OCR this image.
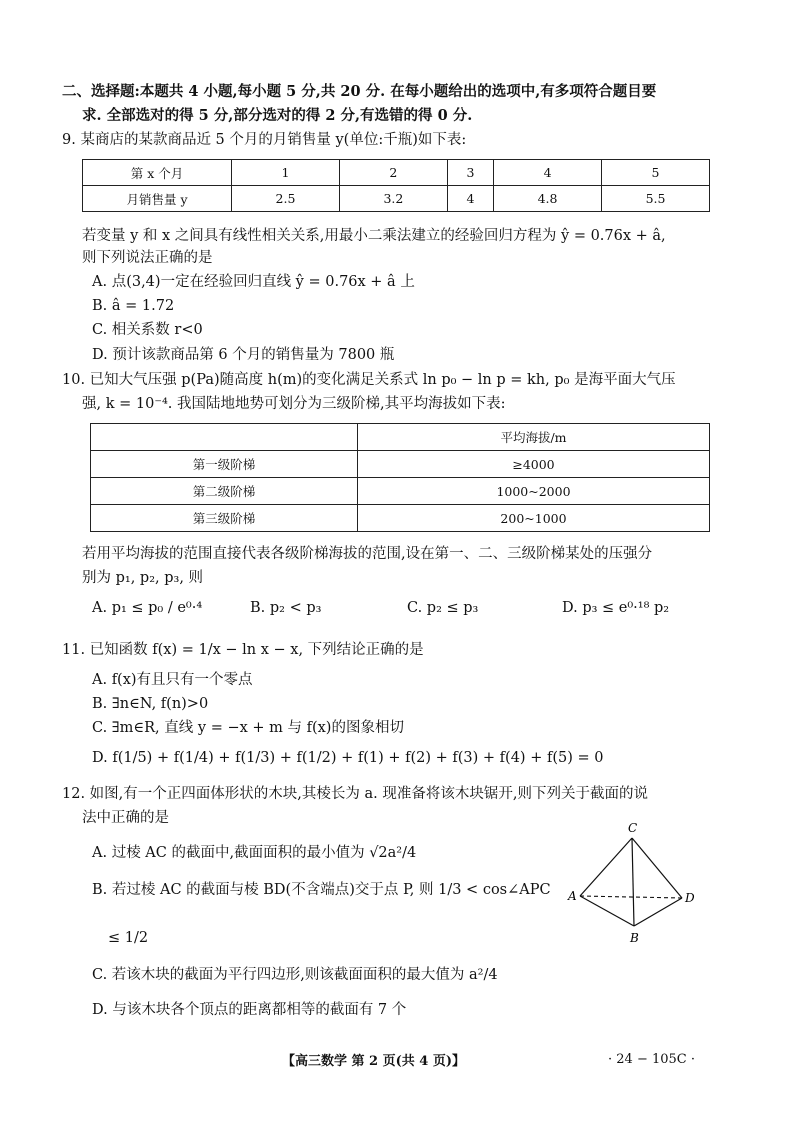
二、选择题:本题共 4 小题,每小题 5 分,共 20 分. 在每小题给出的选项中,有多项符合题目要
求. 全部选对的得 5 分,部分选对的得 2 分,有选错的得 0 分.
9. 某商店的某款商品近 5 个月的月销售量 y(单位:千瓶)如下表:
第 x 个月	1	2	3	4	5
月销售量 y	2.5	3.2	4	4.8	5.5
若变量 y 和 x 之间具有线性相关关系,用最小二乘法建立的经验回归方程为 ŷ = 0.76x + â,
则下列说法正确的是
A. 点(3,4)一定在经验回归直线 ŷ = 0.76x + â 上
B. â = 1.72
C. 相关系数 r<0
D. 预计该款商品第 6 个月的销售量为 7800 瓶
10. 已知大气压强 p(Pa)随高度 h(m)的变化满足关系式 ln p₀ − ln p = kh, p₀ 是海平面大气压
强, k = 10⁻⁴. 我国陆地地势可划分为三级阶梯,其平均海拔如下表:
	平均海拔/m
第一级阶梯	≥4000
第二级阶梯	1000~2000
第三级阶梯	200~1000
若用平均海拔的范围直接代表各级阶梯海拔的范围,设在第一、二、三级阶梯某处的压强分
别为 p₁, p₂, p₃, 则
A. p₁ ≤ p₀ / e⁰·⁴	B. p₂ < p₃	C. p₂ ≤ p₃	D. p₃ ≤ e⁰·¹⁸ p₂
11. 已知函数 f(x) = 1/x − ln x − x, 下列结论正确的是
A. f(x)有且只有一个零点
B. ∃n∈N, f(n)>0
C. ∃m∈R, 直线 y = −x + m 与 f(x)的图象相切
D. f(1/5) + f(1/4) + f(1/3) + f(1/2) + f(1) + f(2) + f(3) + f(4) + f(5) = 0
12. 如图,有一个正四面体形状的木块,其棱长为 a. 现准备将该木块锯开,则下列关于截面的说
法中正确的是
A. 过棱 AC 的截面中,截面面积的最小值为 √2a²/4
B. 若过棱 AC 的截面与棱 BD(不含端点)交于点 P, 则 1/3 < cos∠APC
≤ 1/2
C. 若该木块的截面为平行四边形,则该截面面积的最大值为 a²/4
D. 与该木块各个顶点的距离都相等的截面有 7 个
C
A
B
D
【高三数学 第 2 页(共 4 页)】	· 24 − 105C ·
